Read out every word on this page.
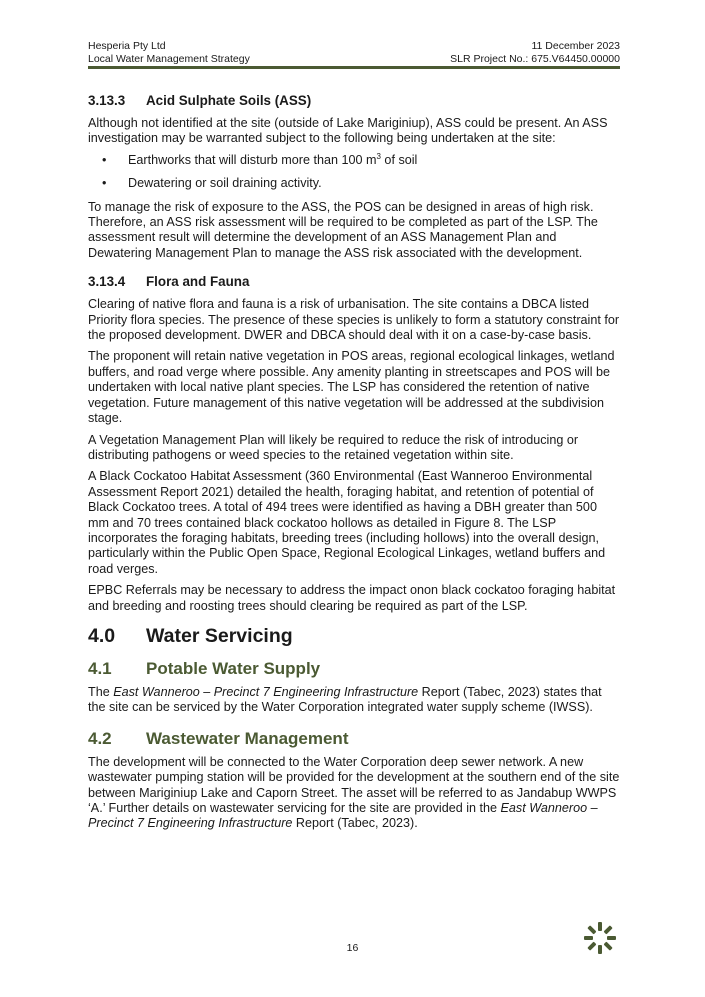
Hesperia Pty Ltd
Local Water Management Strategy
11 December 2023
SLR Project No.: 675.V64450.00000
3.13.3	Acid Sulphate Soils (ASS)

Although not identified at the site (outside of Lake Mariginiup), ASS could be present. An ASS investigation may be warranted subject to the following being undertaken at the site:

• Earthworks that will disturb more than 100 $m^3$ of soil
• Dewatering or soil draining activity.

To manage the risk of exposure to the ASS, the POS can be designed in areas of high risk. Therefore, an ASS risk assessment will be required to be completed as part of the LSP. The assessment result will determine the development of an ASS Management Plan and Dewatering Management Plan to manage the ASS risk associated with the development.

3.13.4	Flora and Fauna

Clearing of native flora and fauna is a risk of urbanisation. The site contains a DBCA listed Priority flora species. The presence of these species is unlikely to form a statutory constraint for the proposed development. DWER and DBCA should deal with it on a case-by-case basis.

The proponent will retain native vegetation in POS areas, regional ecological linkages, wetland buffers, and road verge where possible. Any amenity planting in streetscapes and POS will be undertaken with local native plant species. The LSP has considered the retention of native vegetation. Future management of this native vegetation will be addressed at the subdivision stage.

A Vegetation Management Plan will likely be required to reduce the risk of introducing or distributing pathogens or weed species to the retained vegetation within site.

A Black Cockatoo Habitat Assessment (360 Environmental (East Wanneroo Environmental Assessment Report 2021) detailed the health, foraging habitat, and retention of potential of Black Cockatoo trees. A total of 494 trees were identified as having a DBH greater than 500 mm and 70 trees contained black cockatoo hollows as detailed in Figure 8. The LSP incorporates the foraging habitats, breeding trees (including hollows) into the overall design, particularly within the Public Open Space, Regional Ecological Linkages, wetland buffers and road verges.

EPBC Referrals may be necessary to address the impact onon black cockatoo foraging habitat and breeding and roosting trees should clearing be required as part of the LSP.

4.0	Water Servicing
4.1	Potable Water Supply

The East Wanneroo – Precinct 7 Engineering Infrastructure Report (Tabec, 2023) states that the site can be serviced by the Water Corporation integrated water supply scheme (IWSS).

4.2	Wastewater Management

The development will be connected to the Water Corporation deep sewer network. A new wastewater pumping station will be provided for the development at the southern end of the site between Mariginiup Lake and Caporn Street. The asset will be referred to as Jandabup WWPS ‘A.’ Further details on wastewater servicing for the site are provided in the East Wanneroo – Precinct 7 Engineering Infrastructure Report (Tabec, 2023).

16
